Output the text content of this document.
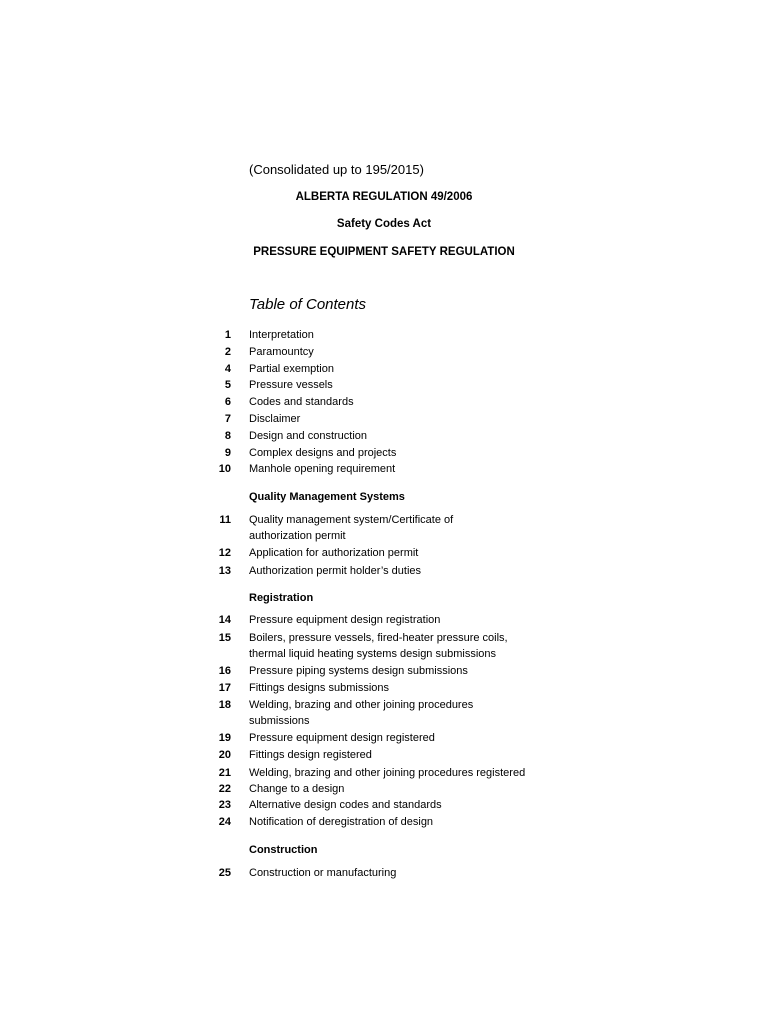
(Consolidated up to 195/2015)
ALBERTA REGULATION 49/2006
Safety Codes Act
PRESSURE EQUIPMENT SAFETY REGULATION
Table of Contents
1 Interpretation
2 Paramountcy
4 Partial exemption
5 Pressure vessels
6 Codes and standards
7 Disclaimer
8 Design and construction
9 Complex designs and projects
10 Manhole opening requirement
Quality Management Systems
11 Quality management system/Certificate of
authorization permit
12 Application for authorization permit
13 Authorization permit holder’s duties
Registration
14 Pressure equipment design registration
15 Boilers, pressure vessels, fired-heater pressure coils,
thermal liquid heating systems design submissions
16 Pressure piping systems design submissions
17 Fittings designs submissions
18 Welding, brazing and other joining procedures
submissions
19 Pressure equipment design registered
20 Fittings design registered
21 Welding, brazing and other joining procedures registered
22 Change to a design
23 Alternative design codes and standards
24 Notification of deregistration of design
Construction
25 Construction or manufacturing
